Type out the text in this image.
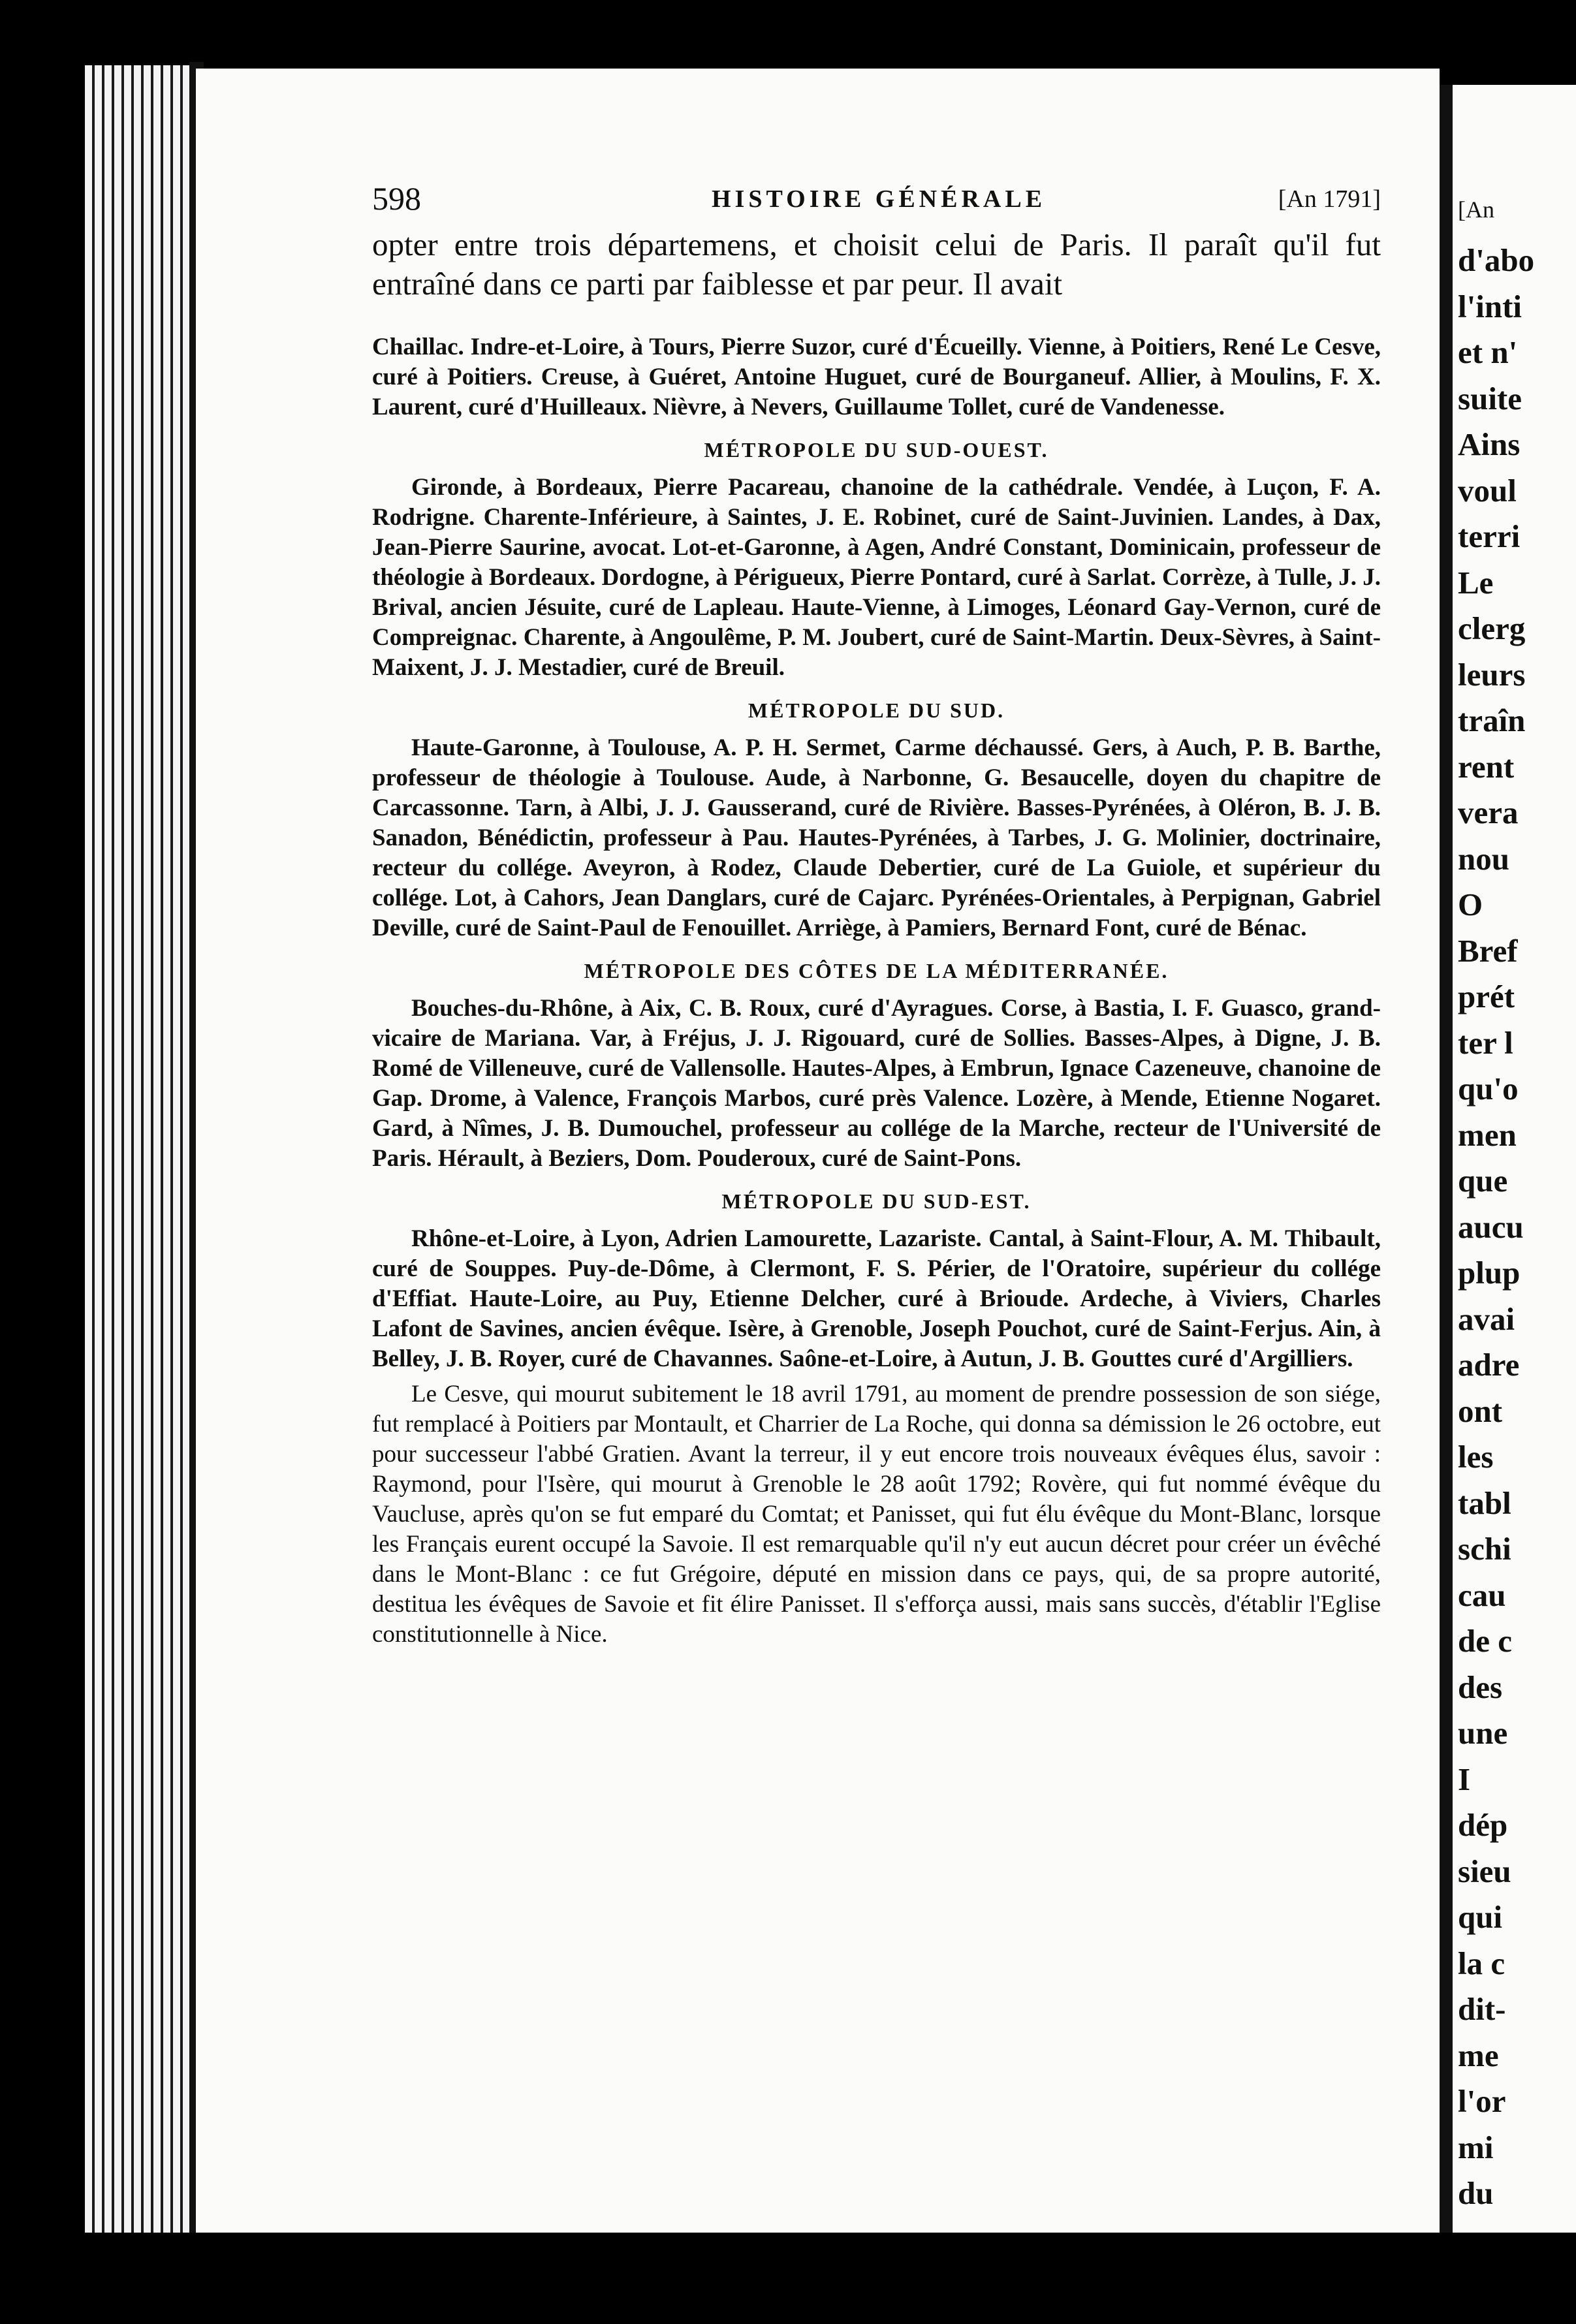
598	HISTOIRE GÉNÉRALE	[An 1791]

opter entre trois départemens, et choisit celui de Paris. Il paraît qu'il fut entraîné dans ce parti par faiblesse et par peur. Il avait

Chaillac. Indre-et-Loire, à Tours, Pierre Suzor, curé d'Écueilly. Vienne, à Poitiers, René Le Cesve, curé à Poitiers. Creuse, à Guéret, Antoine Huguet, curé de Bourganeuf. Allier, à Moulins, F. X. Laurent, curé d'Huilleaux. Nièvre, à Nevers, Guillaume Tollet, curé de Vandenesse.

MÉTROPOLE DU SUD-OUEST.

Gironde, à Bordeaux, Pierre Pacareau, chanoine de la cathédrale. Vendée, à Luçon, F. A. Rodrigne. Charente-Inférieure, à Saintes, J. E. Robinet, curé de Saint-Juvinien. Landes, à Dax, Jean-Pierre Saurine, avocat. Lot-et-Garonne, à Agen, André Constant, Dominicain, professeur de théologie à Bordeaux. Dordogne, à Périgueux, Pierre Pontard, curé à Sarlat. Corrèze, à Tulle, J. J. Brival, ancien Jésuite, curé de Lapleau. Haute-Vienne, à Limoges, Léonard Gay-Vernon, curé de Compreignac. Charente, à Angoulême, P. M. Joubert, curé de Saint-Martin. Deux-Sèvres, à Saint-Maixent, J. J. Mestadier, curé de Breuil.

MÉTROPOLE DU SUD.

Haute-Garonne, à Toulouse, A. P. H. Sermet, Carme déchaussé. Gers, à Auch, P. B. Barthe, professeur de théologie à Toulouse. Aude, à Narbonne, G. Besaucelle, doyen du chapitre de Carcassonne. Tarn, à Albi, J. J. Gausserand, curé de Rivière. Basses-Pyrénées, à Oléron, B. J. B. Sanadon, Bénédictin, professeur à Pau. Hautes-Pyrénées, à Tarbes, J. G. Molinier, doctrinaire, recteur du collége. Aveyron, à Rodez, Claude Debertier, curé de La Guiole, et supérieur du collége. Lot, à Cahors, Jean Danglars, curé de Cajarc. Pyrénées-Orientales, à Perpignan, Gabriel Deville, curé de Saint-Paul de Fenouillet. Arriège, à Pamiers, Bernard Font, curé de Bénac.

MÉTROPOLE DES CÔTES DE LA MÉDITERRANÉE.

Bouches-du-Rhône, à Aix, C. B. Roux, curé d'Ayragues. Corse, à Bastia, I. F. Guasco, grand-vicaire de Mariana. Var, à Fréjus, J. J. Rigouard, curé de Sollies. Basses-Alpes, à Digne, J. B. Romé de Villeneuve, curé de Vallensolle. Hautes-Alpes, à Embrun, Ignace Cazeneuve, chanoine de Gap. Drome, à Valence, François Marbos, curé près Valence. Lozère, à Mende, Etienne Nogaret. Gard, à Nîmes, J. B. Dumouchel, professeur au collége de la Marche, recteur de l'Université de Paris. Hérault, à Beziers, Dom. Pouderoux, curé de Saint-Pons.

MÉTROPOLE DU SUD-EST.

Rhône-et-Loire, à Lyon, Adrien Lamourette, Lazariste. Cantal, à Saint-Flour, A. M. Thibault, curé de Souppes. Puy-de-Dôme, à Clermont, F. S. Périer, de l'Oratoire, supérieur du collége d'Effiat. Haute-Loire, au Puy, Etienne Delcher, curé à Brioude. Ardeche, à Viviers, Charles Lafont de Savines, ancien évêque. Isère, à Grenoble, Joseph Pouchot, curé de Saint-Ferjus. Ain, à Belley, J. B. Royer, curé de Chavannes. Saône-et-Loire, à Autun, J. B. Gouttes curé d'Argilliers.

Le Cesve, qui mourut subitement le 18 avril 1791, au moment de prendre possession de son siége, fut remplacé à Poitiers par Montault, et Charrier de La Roche, qui donna sa démission le 26 octobre, eut pour successeur l'abbé Gratien. Avant la terreur, il y eut encore trois nouveaux évêques élus, savoir : Raymond, pour l'Isère, qui mourut à Grenoble le 28 août 1792; Rovère, qui fut nommé évêque du Vaucluse, après qu'on se fut emparé du Comtat; et Panisset, qui fut élu évêque du Mont-Blanc, lorsque les Français eurent occupé la Savoie. Il est remarquable qu'il n'y eut aucun décret pour créer un évêché dans le Mont-Blanc : ce fut Grégoire, député en mission dans ce pays, qui, de sa propre autorité, destitua les évêques de Savoie et fit élire Panisset. Il s'efforça aussi, mais sans succès, d'établir l'Eglise constitutionnelle à Nice.

[An
d'abo
l'inti
et n'
suite
Ains
voul
terri
Le
clerg
leurs
traîn
rent
vera
nou
O
Bref
prét
ter l
qu'o
men
que
aucu
plup
avai
adre
ont
les
tabl
schi
cau
de c
des
une
I
dép
sieu
qui
la c
dit-
me
l'or
mi
du
